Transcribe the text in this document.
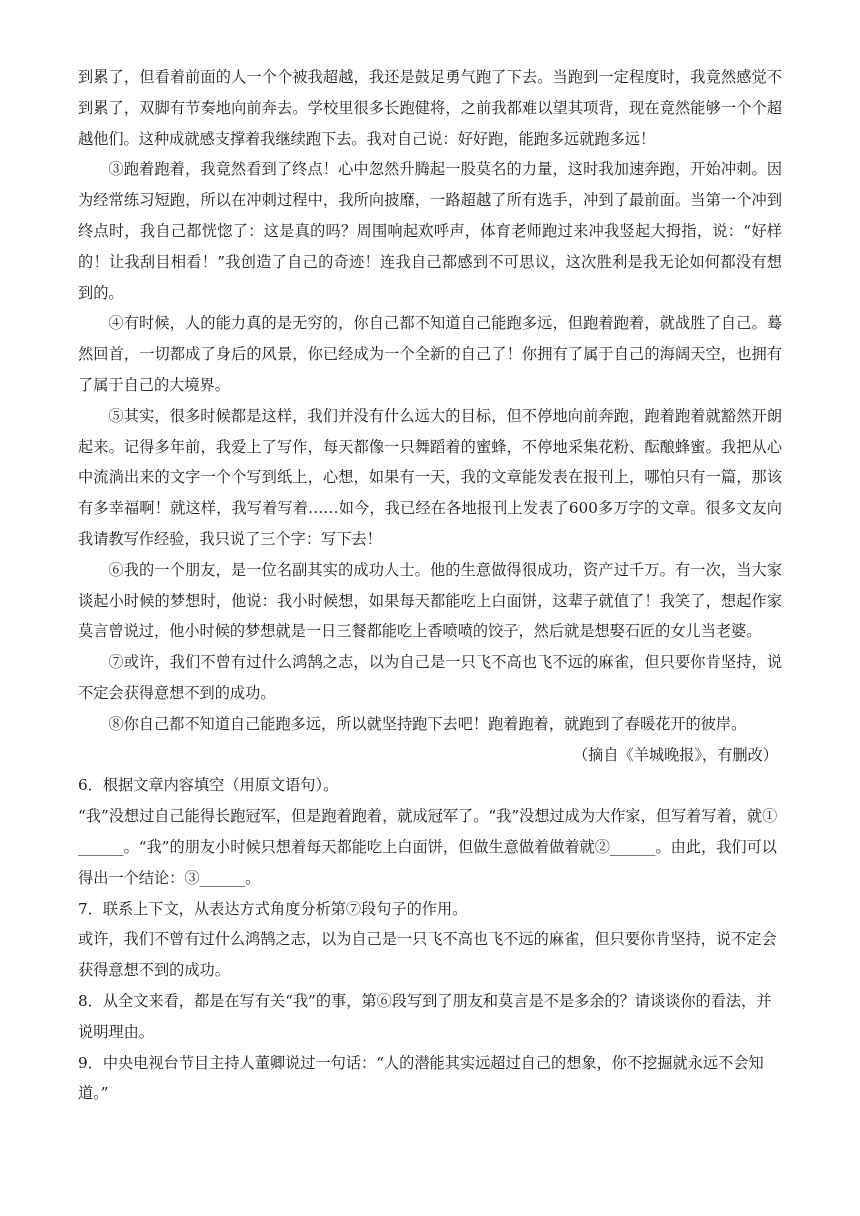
到累了，但看着前面的人一个个被我超越，我还是鼓足勇气跑了下去。当跑到一定程度时，我竟然感觉不到累了，双脚有节奏地向前奔去。学校里很多长跑健将，之前我都难以望其项背，现在竟然能够一个个超越他们。这种成就感支撑着我继续跑下去。我对自己说：好好跑，能跑多远就跑多远！

③跑着跑着，我竟然看到了终点！心中忽然升腾起一股莫名的力量，这时我加速奔跑，开始冲刺。因为经常练习短跑，所以在冲刺过程中，我所向披靡，一路超越了所有选手，冲到了最前面。当第一个冲到终点时，我自己都恍惚了：这是真的吗？周围响起欢呼声，体育老师跑过来冲我竖起大拇指，说：“好样的！让我刮目相看！”我创造了自己的奇迹！连我自己都感到不可思议，这次胜利是我无论如何都没有想到的。

④有时候，人的能力真的是无穷的，你自己都不知道自己能跑多远，但跑着跑着，就战胜了自己。蓦然回首，一切都成了身后的风景，你已经成为一个全新的自己了！你拥有了属于自己的海阔天空，也拥有了属于自己的大境界。

⑤其实，很多时候都是这样，我们并没有什么远大的目标，但不停地向前奔跑，跑着跑着就豁然开朗起来。记得多年前，我爱上了写作，每天都像一只舞蹈着的蜜蜂，不停地采集花粉、酝酿蜂蜜。我把从心中流淌出来的文字一个个写到纸上，心想，如果有一天，我的文章能发表在报刊上，哪怕只有一篇，那该有多幸福啊！就这样，我写着写着……如今，我已经在各地报刊上发表了600多万字的文章。很多文友向我请教写作经验，我只说了三个字：写下去！

⑥我的一个朋友，是一位名副其实的成功人士。他的生意做得很成功，资产过千万。有一次，当大家谈起小时候的梦想时，他说：我小时候想，如果每天都能吃上白面饼，这辈子就值了！我笑了，想起作家莫言曾说过，他小时候的梦想就是一日三餐都能吃上香喷喷的饺子，然后就是想娶石匠的女儿当老婆。

⑦或许，我们不曾有过什么鸿鹄之志，以为自己是一只飞不高也飞不远的麻雀，但只要你肯坚持，说不定会获得意想不到的成功。

⑧你自己都不知道自己能跑多远，所以就坚持跑下去吧！跑着跑着，就跑到了春暖花开的彼岸。

（摘自《羊城晚报》，有删改）

6．根据文章内容填空（用原文语句）。

“我”没想过自己能得长跑冠军，但是跑着跑着，就成冠军了。“我”没想过成为大作家，但写着写着，就①______。“我”的朋友小时候只想着每天都能吃上白面饼，但做生意做着做着就②______。由此，我们可以得出一个结论：③______。

7．联系上下文，从表达方式角度分析第⑦段句子的作用。

或许，我们不曾有过什么鸿鹄之志，以为自己是一只飞不高也飞不远的麻雀，但只要你肯坚持，说不定会获得意想不到的成功。

8．从全文来看，都是在写有关“我”的事，第⑥段写到了朋友和莫言是不是多余的？请谈谈你的看法，并说明理由。

9．中央电视台节目主持人董卿说过一句话：“人的潜能其实远超过自己的想象，你不挖掘就永远不会知道。”
